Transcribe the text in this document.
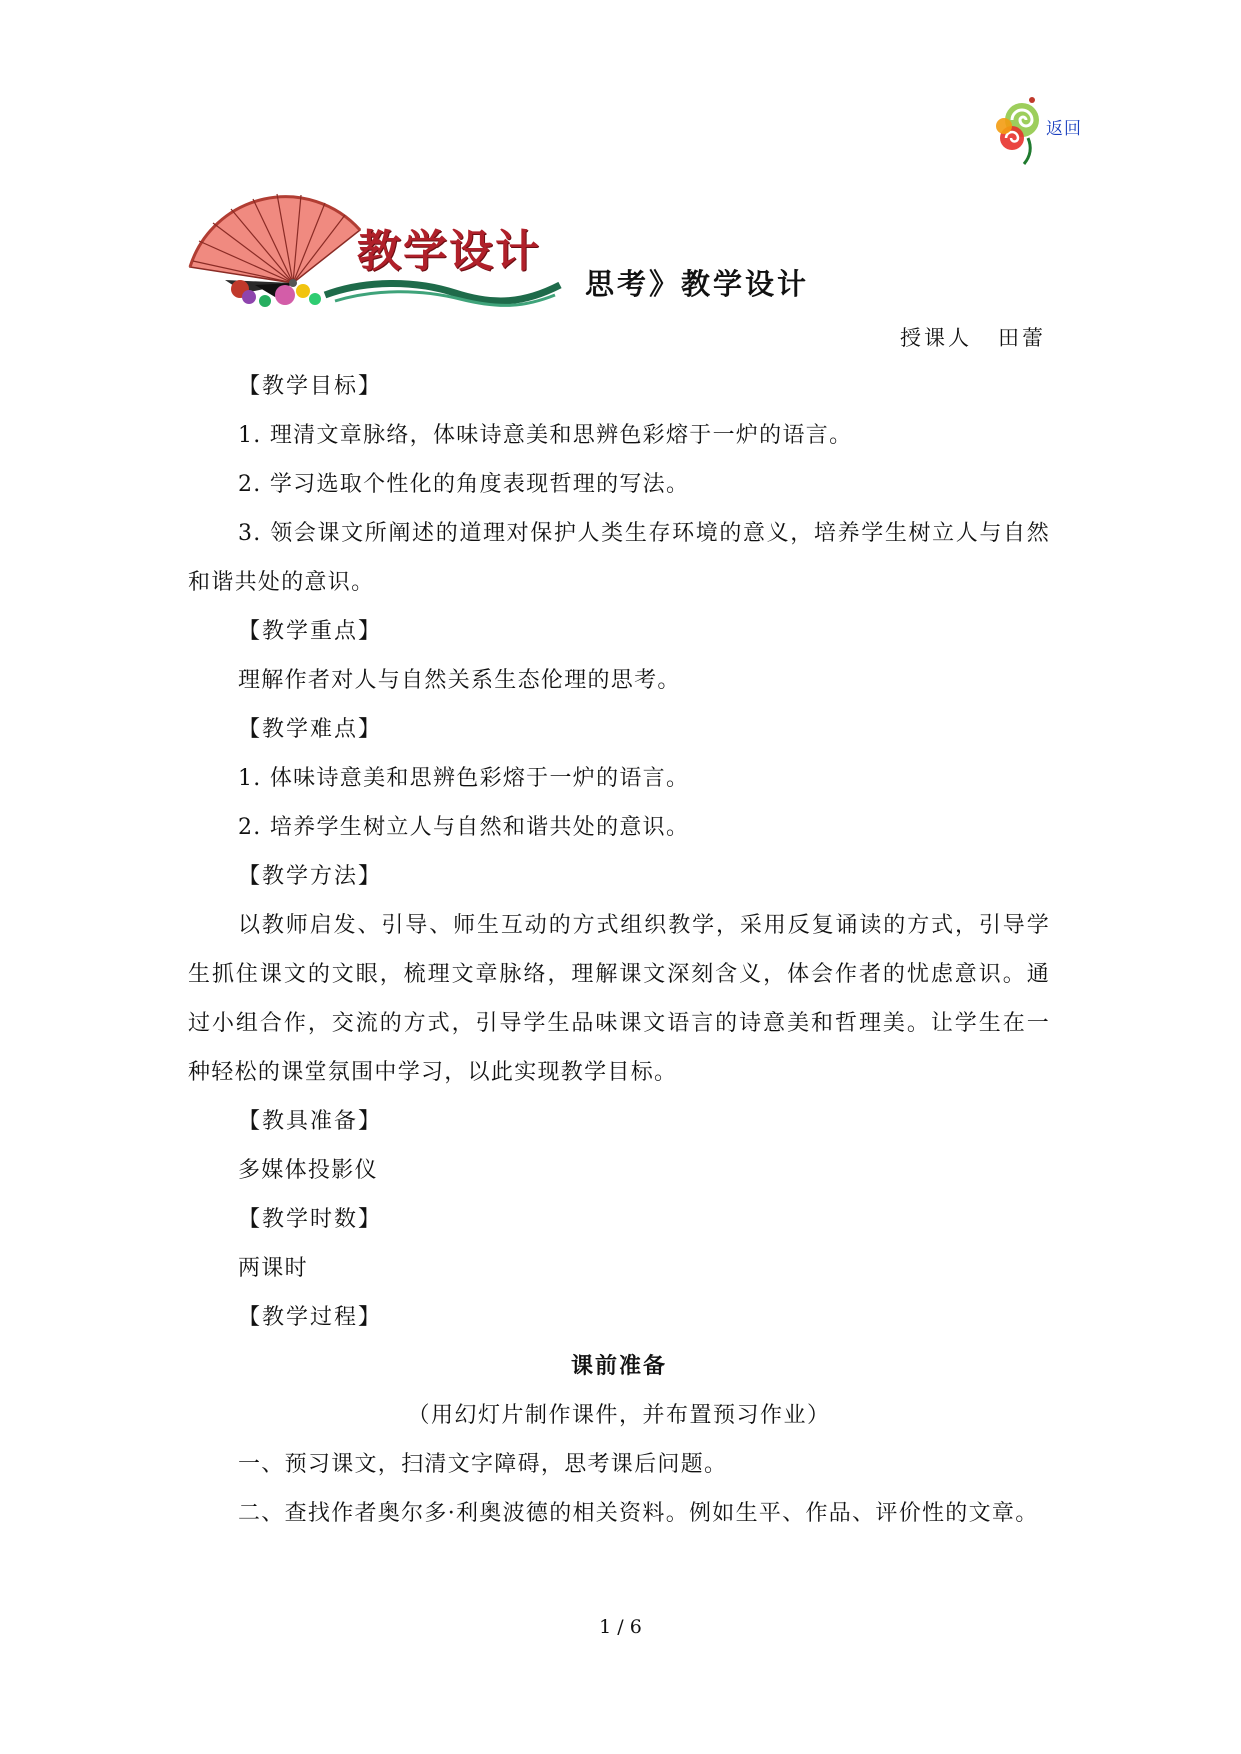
返回
教学设计
思考》教学设计
授课人 田蕾

【教学目标】

1. 理清文章脉络，体味诗意美和思辨色彩熔于一炉的语言。

2. 学习选取个性化的角度表现哲理的写法。

3. 领会课文所阐述的道理对保护人类生存环境的意义，培养学生树立人与自然和谐共处的意识。

【教学重点】

理解作者对人与自然关系生态伦理的思考。

【教学难点】

1. 体味诗意美和思辨色彩熔于一炉的语言。

2. 培养学生树立人与自然和谐共处的意识。

【教学方法】

以教师启发、引导、师生互动的方式组织教学，采用反复诵读的方式，引导学生抓住课文的文眼，梳理文章脉络，理解课文深刻含义，体会作者的忧虑意识。通过小组合作，交流的方式，引导学生品味课文语言的诗意美和哲理美。让学生在一种轻松的课堂氛围中学习，以此实现教学目标。

【教具准备】

多媒体投影仪

【教学时数】

两课时

【教学过程】

课前准备

（用幻灯片制作课件，并布置预习作业）

一、预习课文，扫清文字障碍，思考课后问题。

二、查找作者奥尔多·利奥波德的相关资料。例如生平、作品、评价性的文章。

1 / 6
